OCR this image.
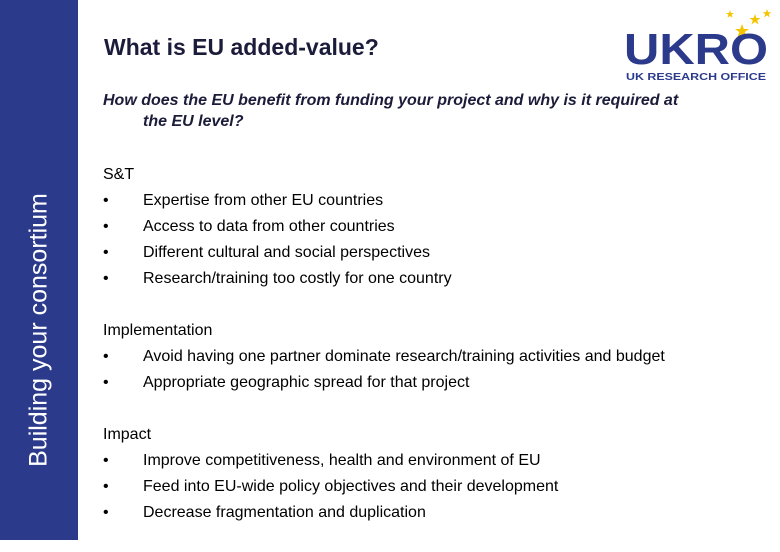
Building your consortium
What is EU added-value?	UKRO
UK RESEARCH OFFICE
How does the EU benefit from funding your project and why is it required at
the EU level?
S&T
•	Expertise from other EU countries
•	Access to data from other countries
•	Different cultural and social perspectives
•	Research/training too costly for one country
Implementation
•	Avoid having one partner dominate research/training activities and budget
•	Appropriate geographic spread for that project
Impact
•	Improve competitiveness, health and environment of EU
•	Feed into EU-wide policy objectives and their development
•	Decrease fragmentation and duplication
